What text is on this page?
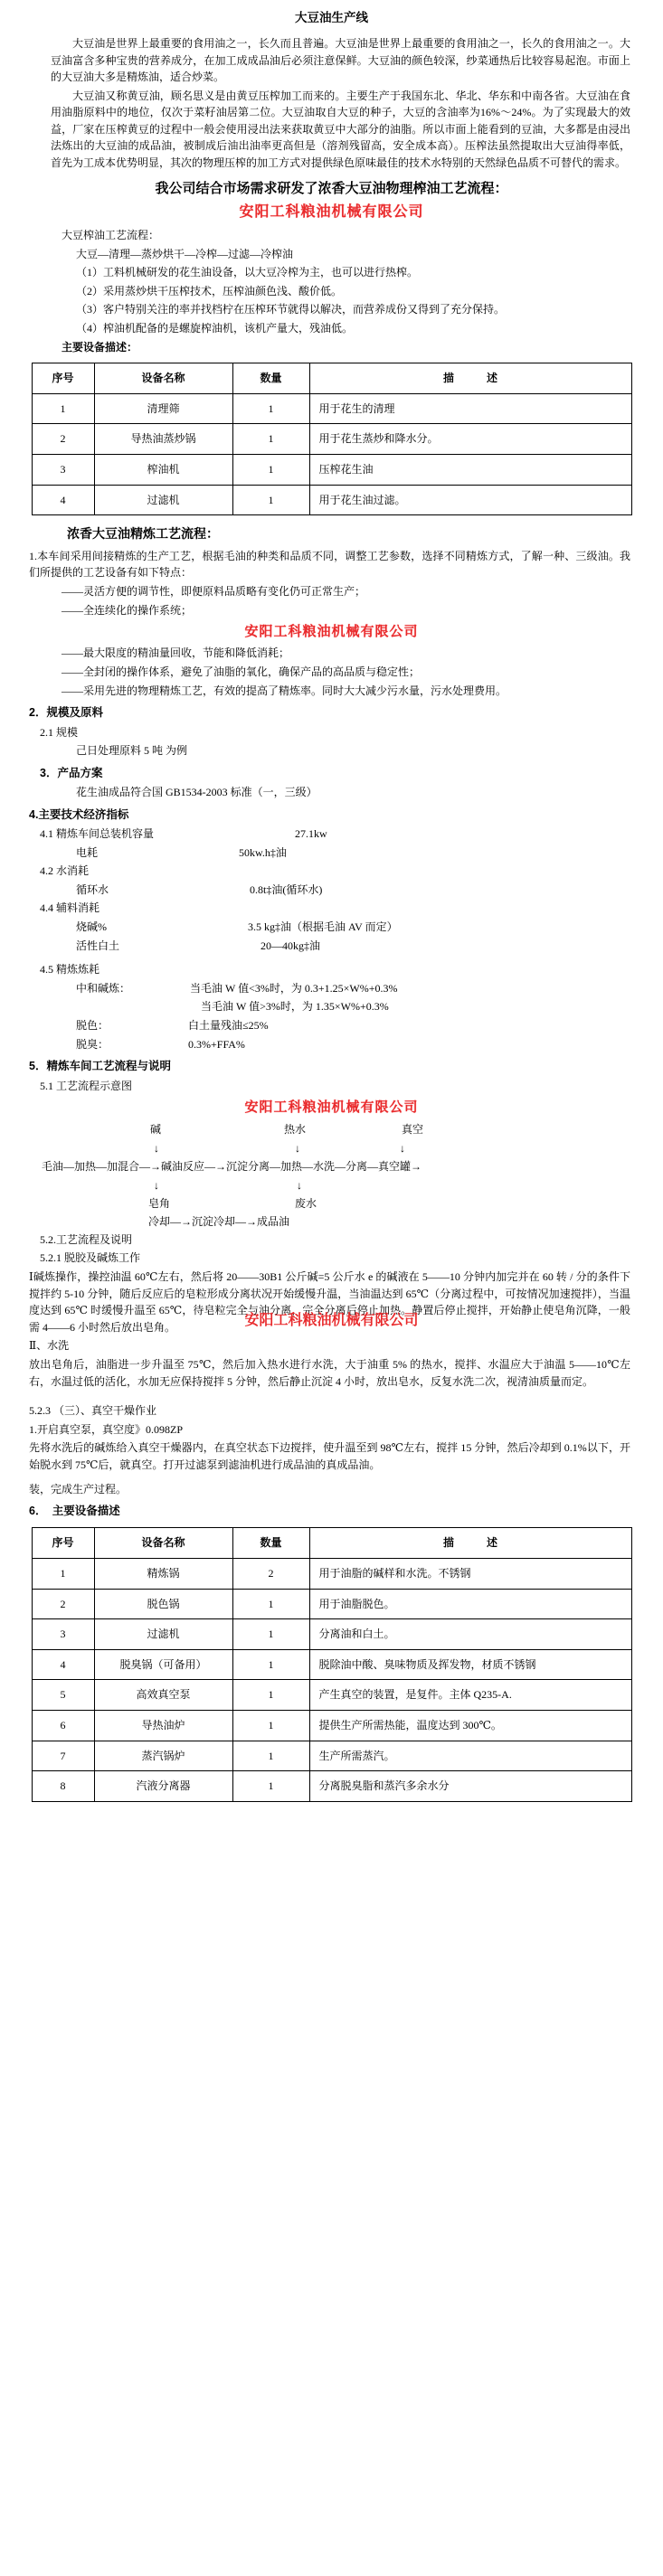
大豆油生产线

大豆油是世界上最重要的食用油之一，长久而且普遍。大豆油是世界上最重要的食用油之一，长久的食用油之一。大豆油富含多种宝贵的营养成分，在加工成成品油后必须注意保鲜。大豆油的颜色较深，纱菜通热后比较容易起泡。市面上的大豆油大多是精炼油，适合炒菜。

大豆油又称黄豆油，顾名思义是由黄豆压榨加工而来的。主要生产于我国东北、华北、华东和中南各省。大豆油在食用油脂原料中的地位，仅次于菜籽油居第二位。大豆油取自大豆的种子，大豆的含油率为16%～24%。为了实现最大的效益，厂家在压榨黄豆的过程中一般会使用浸出法来获取黄豆中大部分的油脂。所以市面上能看到的豆油，大多都是由浸出法炼出的大豆油的成品油，被制成后油出油率更高但是（溶剂残留高，安全成本高）。压榨法虽然提取出大豆油得率低，首先为工成本优势明显，其次的物理压榨的加工方式对提供绿色原味最佳的技术水特别的天然绿色品质不可替代的需求。

我公司结合市场需求研发了浓香大豆油物理榨油工艺流程：
安阳工科粮油机械有限公司

大豆榨油工艺流程：

大豆—清理—蒸炒烘干—冷榨—过滤—冷榨油

（1）工料机械研发的花生油设备，以大豆冷榨为主，也可以进行热榨。

（2）采用蒸炒烘干压榨技术，压榨油颜色浅、酸价低。

（3）客户特别关注的率并找档柠在压榨环节就得以解决，而营养成份又得到了充分保持。

（4）榨油机配备的是螺旋榨油机，该机产量大，残油低。

主要设备描述：

序号	设备名称	数量	描　　　述
1	清理筛	1	用于花生的清理
2	导热油蒸炒锅	1	用于花生蒸炒和降水分。
3	榨油机	1	压榨花生油
4	过滤机	1	用于花生油过滤。
浓香大豆油精炼工艺流程：

1.本车间采用间接精炼的生产工艺，根据毛油的种类和品质不同，调整工艺参数，选择不同精炼方式，了解一种、三级油。我们所提供的工艺设备有如下特点：

——灵活方便的调节性，即便原料品质略有变化仍可正常生产；

——全连续化的操作系统；

安阳工科粮油机械有限公司

——最大限度的精油量回收，节能和降低消耗；

——全封闭的操作体系，避免了油脂的氧化，确保产品的高品质与稳定性；

——采用先进的物理精炼工艺，有效的提高了精炼率。同时大大减少污水量，污水处理费用。

2．规模及原料

2.1 规模

己日处理原料 5 吨 为例

3．产品方案

花生油成品符合国 GB1534-2003 标准（一，三级）

4.主要技术经济指标

4.1 精炼车间总装机容量	27.1kw

电耗	50kw.h‡油

4.2 水消耗

循环水	0.8t‡油(循环水)

4.4 辅料消耗

烧碱%	3.5 kg‡油（根据毛油 AV 而定）

活性白土	20—40kg‡油

4.5 精炼炼耗

中和碱炼：	当毛油 W 值<3%时，为 0.3+1.25×W%+0.3%

当毛油 W 值>3%时，为 1.35×W%+0.3%

脱色：	白土量残油≤25%

脱臭：	0.3%+FFA%

5．精炼车间工艺流程与说明

5.1 工艺流程示意图

安阳工科粮油机械有限公司
碱	热水	真空
↓	↓	↓
毛油—加热—加混合—→碱油反应—→沉淀分离—加热—水洗—分离—真空罐→
↓	↓
皂角	废水
冷却—→沉淀冷却—→成品油

5.2.工艺流程及说明

5.2.1 脱胶及碱炼工作

Ⅰ碱炼操作，操控油温 60℃左右，然后将 20——30B1 公斤碱=5 公斤水 e 的碱液在 5——10 分钟内加完并在 60 转 / 分的条件下搅拌约 5-10 分钟，随后反应后的皂粒形成分离状况开始缓慢升温，当油温达到 65℃（分离过程中，可按情况加速搅拌），当温度达到 65℃ 时缓慢升温至 65℃，待皂粒完全与油分离，完全分离后停止加热。静置后停止搅拌，开始静止使皂角沉降，一般需 4——6 小时然后放出皂角。	安阳工科粮油机械有限公司

Ⅱ、水洗

放出皂角后，油脂进一步升温至 75℃，然后加入热水进行水洗，大于油重 5% 的热水，搅拌、水温应大于油温 5——10℃左右，水温过低的活化，水加无应保持搅拌 5 分钟，然后静止沉淀 4 小时，放出皂水，反复水洗二次，视清油质量而定。

5.2.3 （三）、真空干燥作业

1.开启真空泵，真空度》0.098ZP

先将水洗后的碱炼给入真空干燥器内，在真空状态下边搅拌，使升温至到 98℃左右，搅拌 15 分钟，然后冷却到 0.1%以下，开始脱水到 75℃后，就真空。打开过滤泵到滤油机进行成品油的真成品油。

装，完成生产过程。

6．　主要设备描述
序号	设备名称	数量	描　　　述
1	精炼锅	2	用于油脂的碱样和水洗。不锈钢
2	脱色锅	1	用于油脂脱色。
3	过滤机	1	分离油和白土。
4	脱臭锅（可备用）	1	脱除油中酸、臭味物质及挥发物，材质不锈钢
5	高效真空泵	1	产生真空的装置，是复件。主体 Q235-A.
6	导热油炉	1	提供生产所需热能，温度达到 300℃。
7	蒸汽锅炉	1	生产所需蒸汽。
8	汽液分离器	1	分离脱臭脂和蒸汽多余水分
